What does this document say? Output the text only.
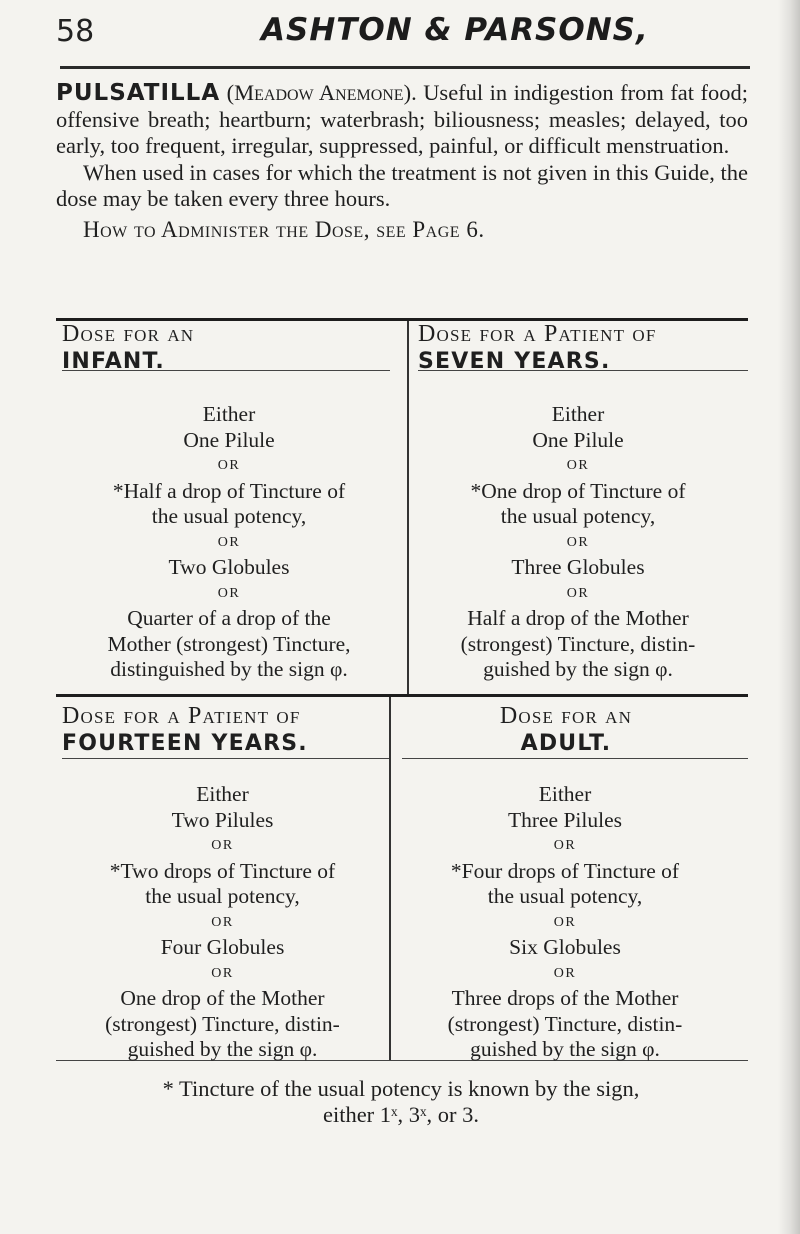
58	ASHTON & PARSONS,

PULSATILLA (Meadow Anemone). Useful in indigestion from fat food; offensive breath; heartburn; waterbrash; biliousness; measles; delayed, too early, too frequent, irregular, suppressed, painful, or difficult menstruation.

When used in cases for which the treatment is not given in this Guide, the dose may be taken every three hours.

How to Administer the Dose, see Page 6.

Dose for an
INFANT.
Either
One Pilule
OR
*Half a drop of Tincture of
the usual potency,
OR
Two Globules
OR
Quarter of a drop of the
Mother (strongest) Tincture,
distinguished by the sign φ.
Dose for a Patient of
SEVEN YEARS.
Either
One Pilule
OR
*One drop of Tincture of
the usual potency,
OR
Three Globules
OR
Half a drop of the Mother
(strongest) Tincture, distin-
guished by the sign φ.
Dose for a Patient of
FOURTEEN YEARS.
Either
Two Pilules
OR
*Two drops of Tincture of
the usual potency,
OR
Four Globules
OR
One drop of the Mother
(strongest) Tincture, distin-
guished by the sign φ.
Dose for an
ADULT.
Either
Three Pilules
OR
*Four drops of Tincture of
the usual potency,
OR
Six Globules
OR
Three drops of the Mother
(strongest) Tincture, distin-
guished by the sign φ.
* Tincture of the usual potency is known by the sign,
either 1ˣ, 3ˣ, or 3.
